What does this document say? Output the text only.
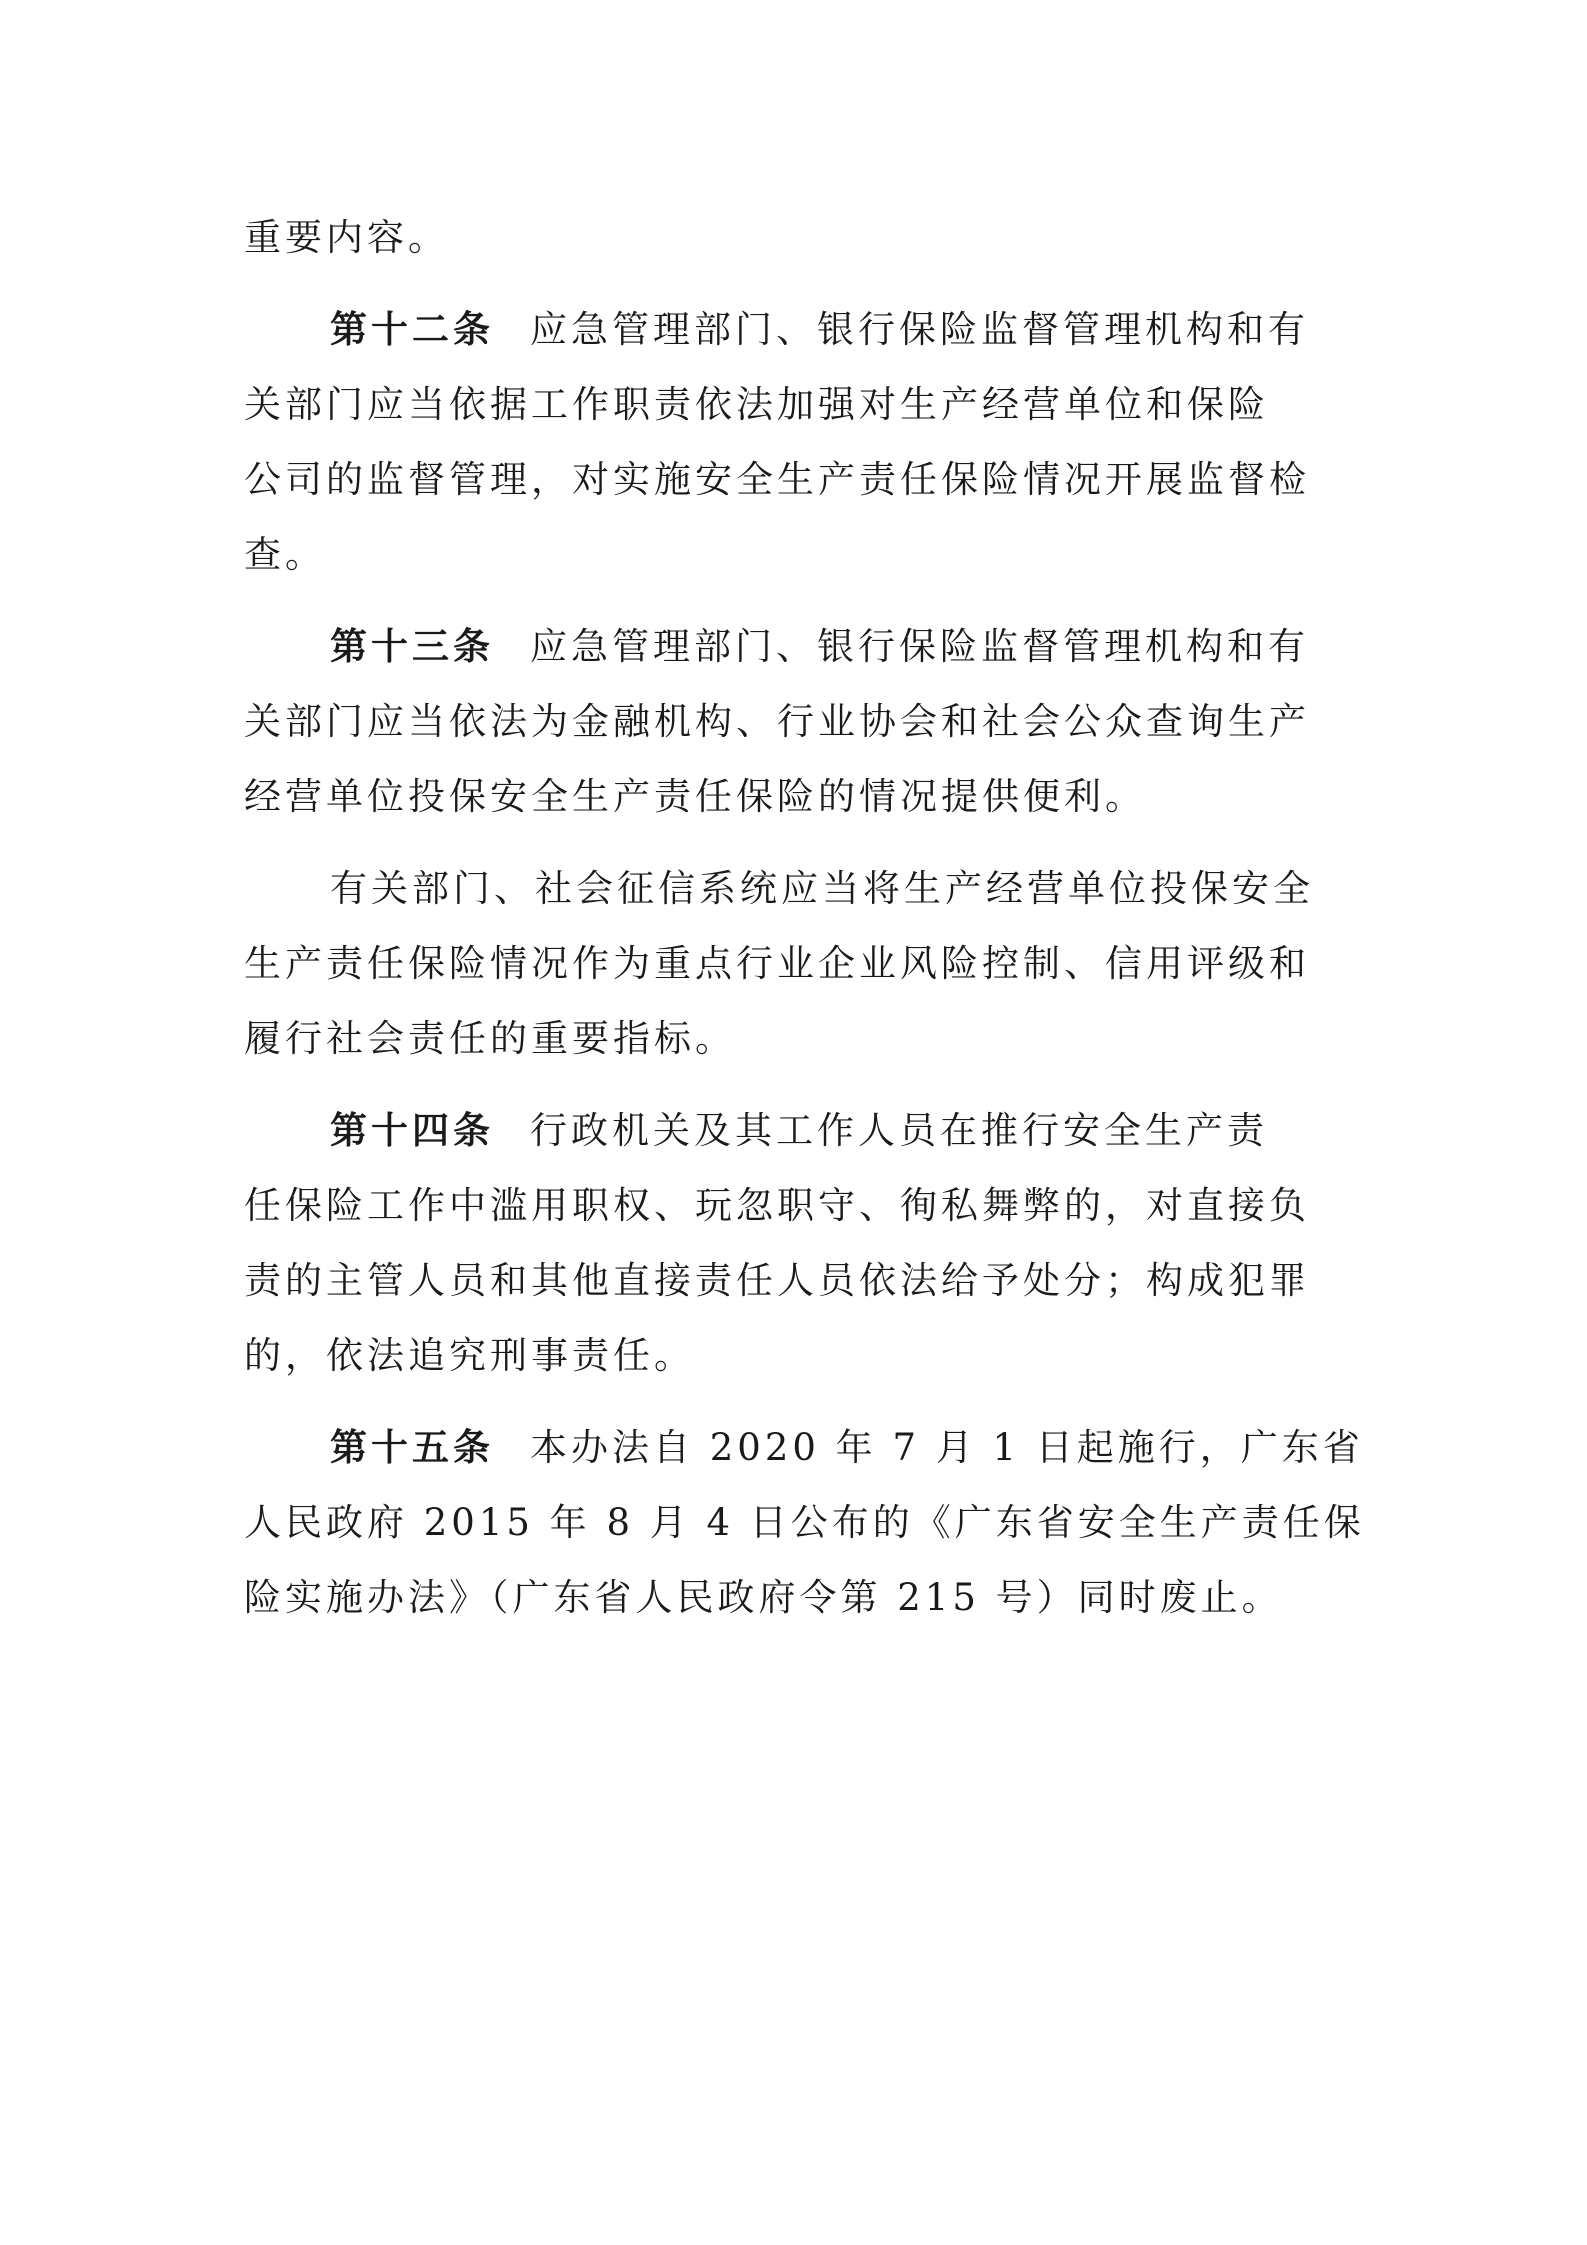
重要内容。
第十二条 应急管理部门、银行保险监督管理机构和有
关部门应当依据工作职责依法加强对生产经营单位和保险
公司的监督管理，对实施安全生产责任保险情况开展监督检
查。
第十三条 应急管理部门、银行保险监督管理机构和有
关部门应当依法为金融机构、行业协会和社会公众查询生产
经营单位投保安全生产责任保险的情况提供便利。
有关部门、社会征信系统应当将生产经营单位投保安全
生产责任保险情况作为重点行业企业风险控制、信用评级和
履行社会责任的重要指标。
第十四条 行政机关及其工作人员在推行安全生产责
任保险工作中滥用职权、玩忽职守、徇私舞弊的，对直接负
责的主管人员和其他直接责任人员依法给予处分；构成犯罪
的，依法追究刑事责任。
第十五条 本办法自 2020 年 7 月 1 日起施行，广东省
人民政府 2015 年 8 月 4 日公布的《广东省安全生产责任保
险实施办法》（广东省人民政府令第 215 号）同时废止。
